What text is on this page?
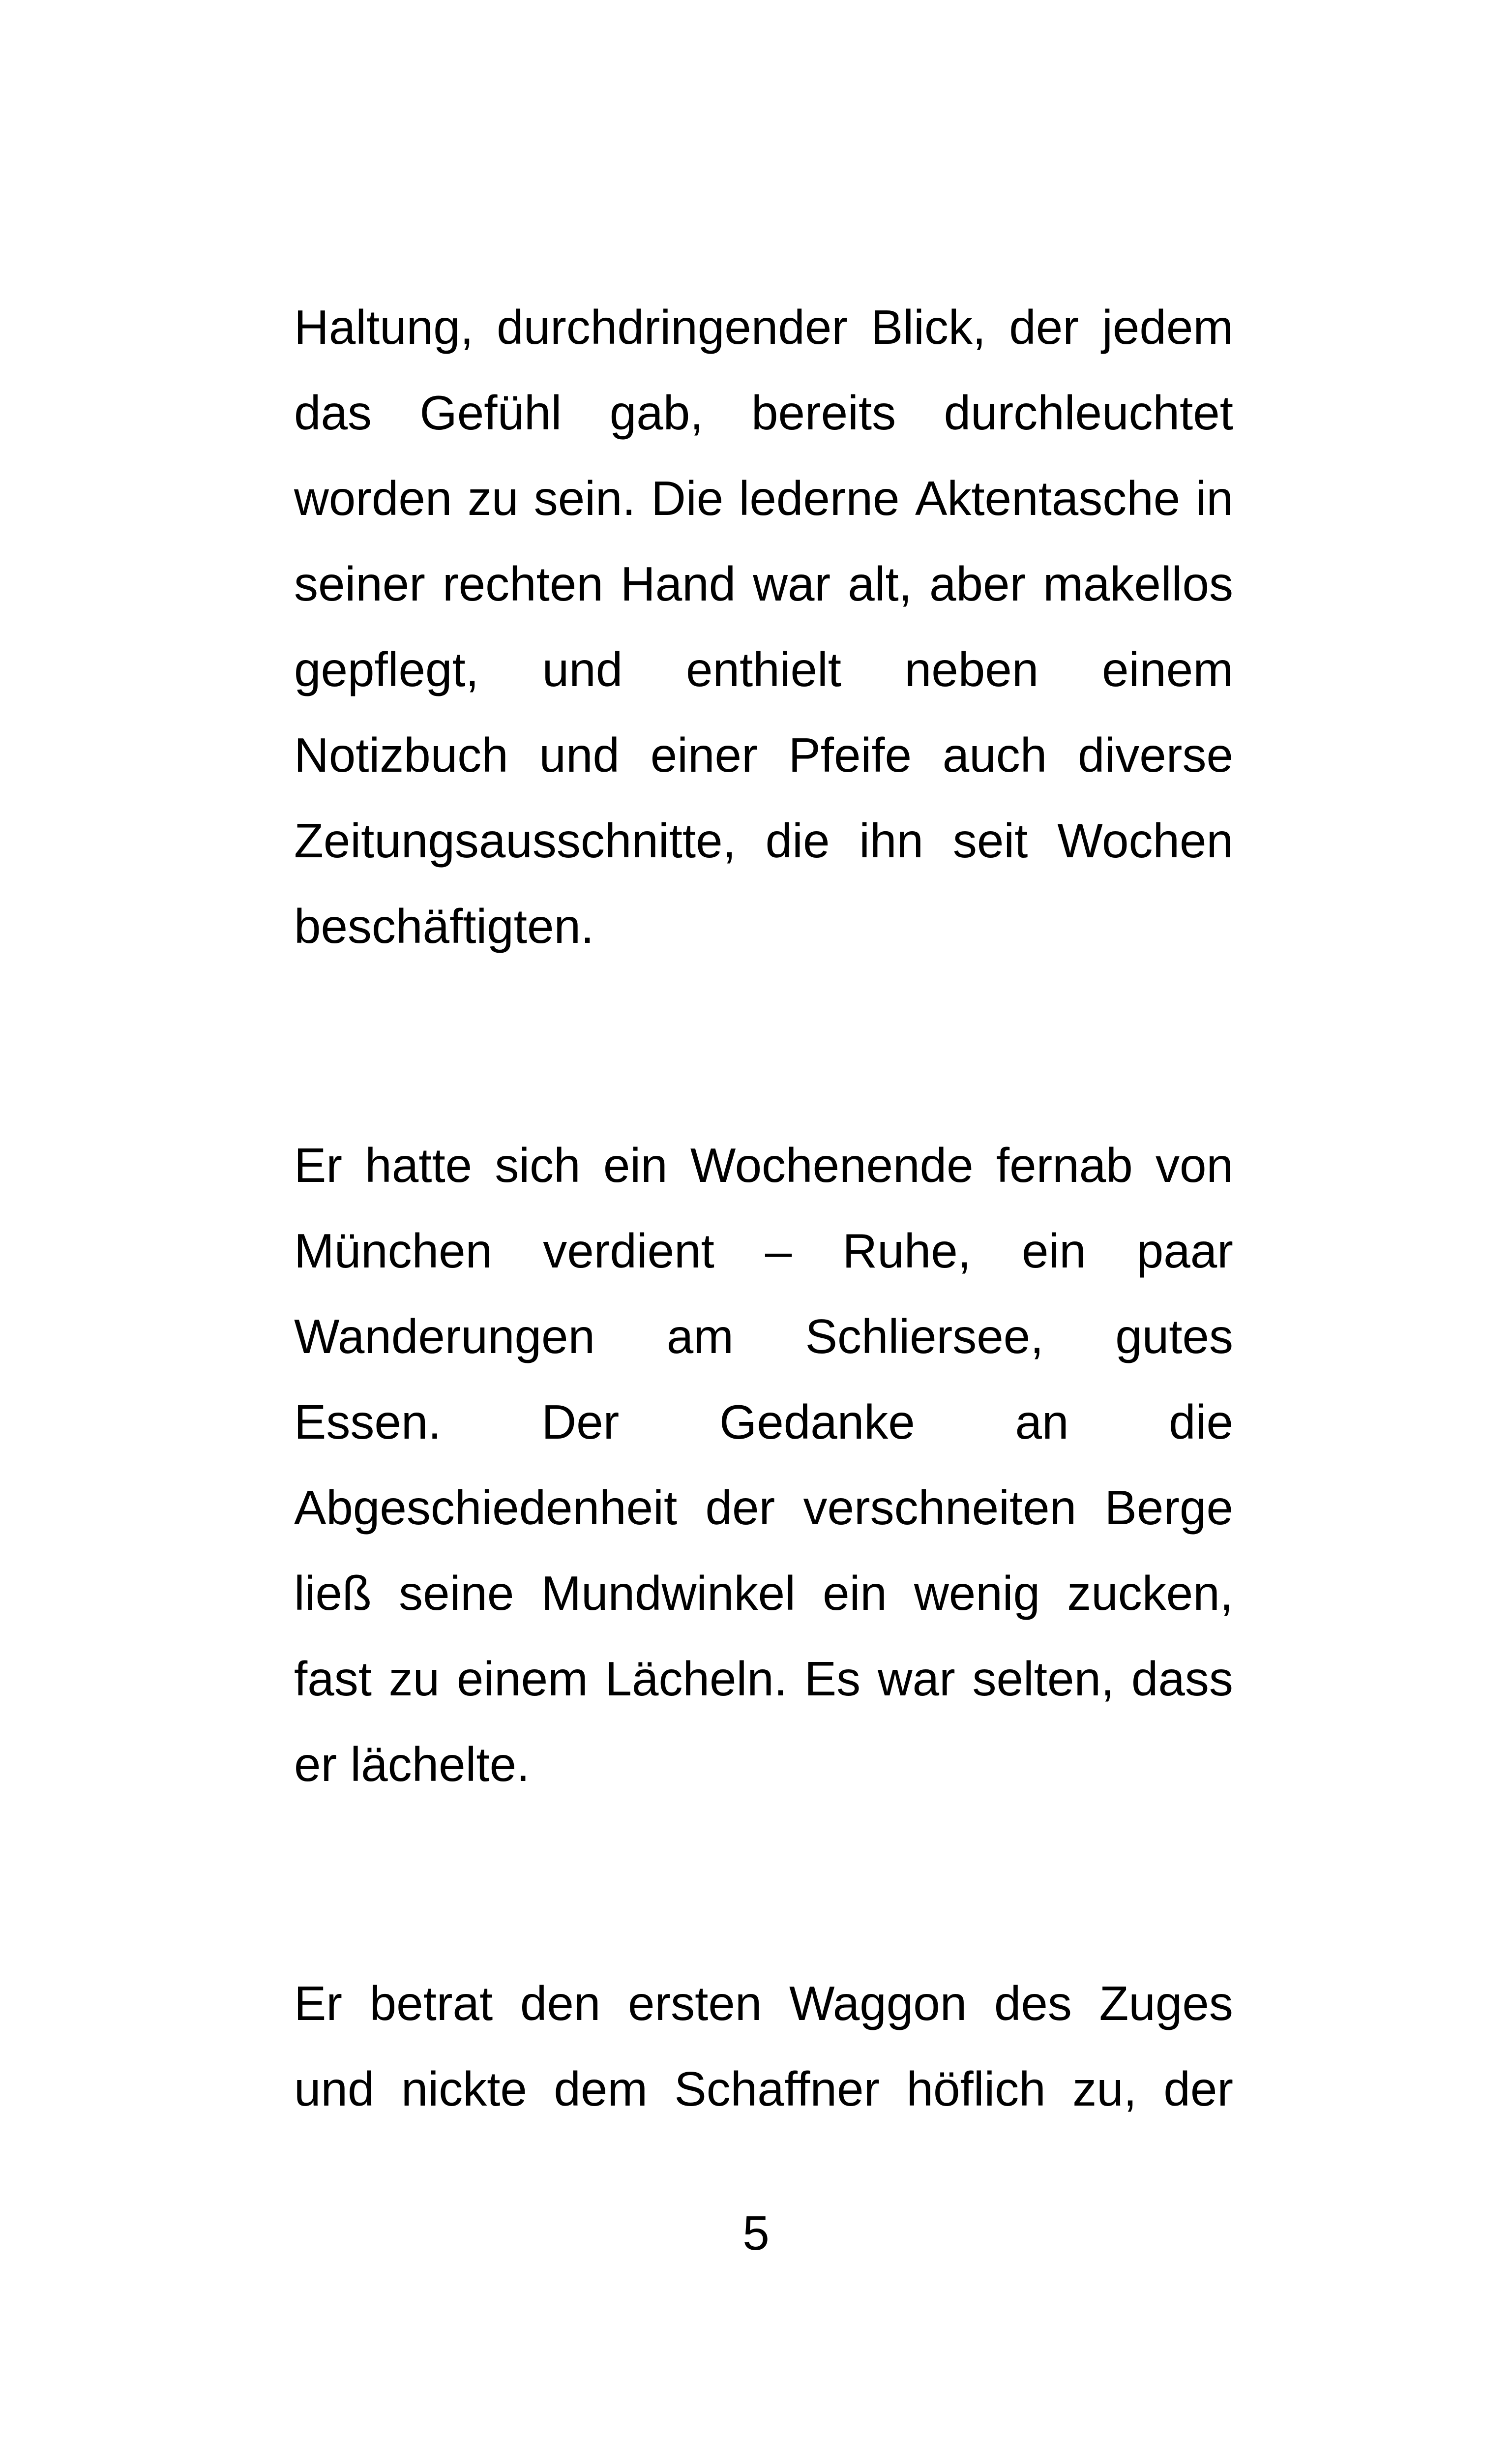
Haltung, durchdringender Blick, der jedem
das Gefühl gab, bereits durchleuchtet
worden zu sein. Die lederne Aktentasche in
seiner rechten Hand war alt, aber makellos
gepflegt, und enthielt neben einem
Notizbuch und einer Pfeife auch diverse
Zeitungsausschnitte, die ihn seit Wochen
beschäftigten.
Er hatte sich ein Wochenende fernab von
München verdient – Ruhe, ein paar
Wanderungen am Schliersee, gutes
Essen. Der Gedanke an die
Abgeschiedenheit der verschneiten Berge
ließ seine Mundwinkel ein wenig zucken,
fast zu einem Lächeln. Es war selten, dass
er lächelte.
Er betrat den ersten Waggon des Zuges
und nickte dem Schaffner höflich zu, der
5
